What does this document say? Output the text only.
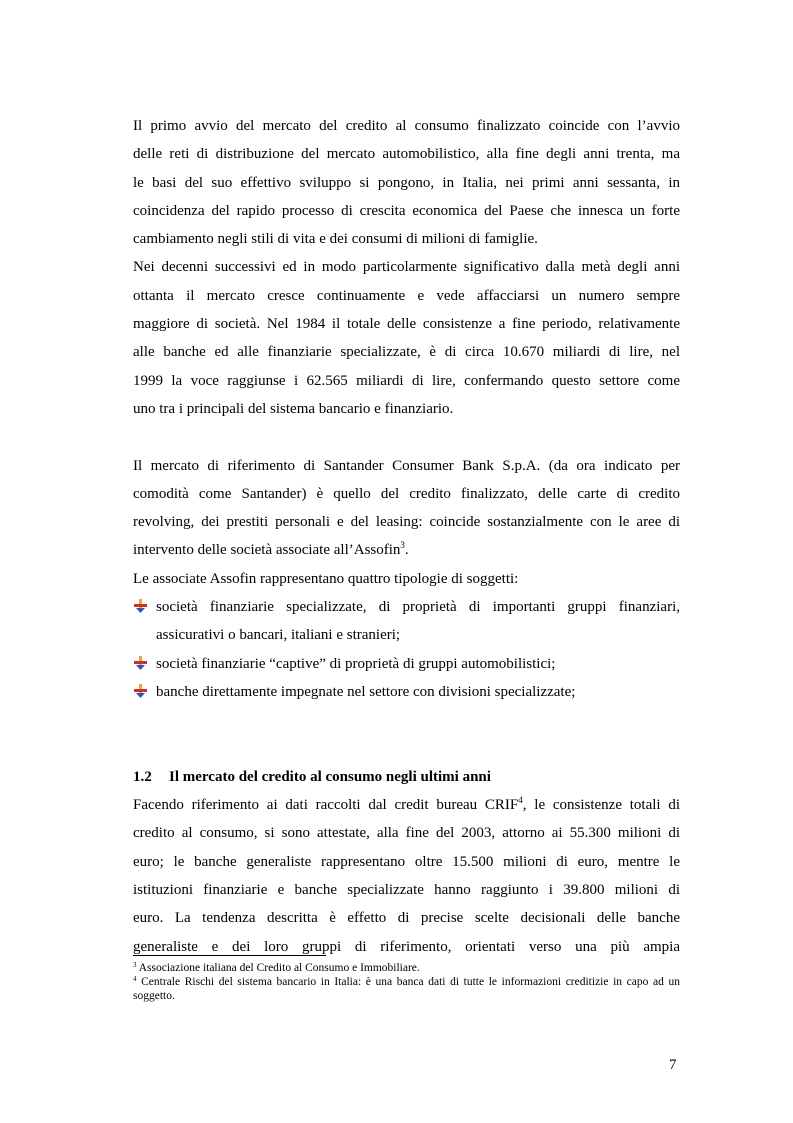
Il primo avvio del mercato del credito al consumo finalizzato coincide con l’avvio
delle reti di distribuzione del mercato automobilistico, alla fine degli anni trenta, ma
le basi del suo effettivo sviluppo si pongono, in Italia, nei primi anni sessanta, in
coincidenza del rapido processo di crescita economica del Paese che innesca un forte
cambiamento negli stili di vita e dei consumi di milioni di famiglie.
Nei decenni successivi ed in modo particolarmente significativo dalla metà degli anni
ottanta il mercato cresce continuamente e vede affacciarsi un numero sempre
maggiore di società. Nel 1984 il totale delle consistenze a fine periodo, relativamente
alle banche ed alle finanziarie specializzate, è di circa 10.670 miliardi di lire, nel
1999 la voce raggiunse i 62.565 miliardi di lire, confermando questo settore come
uno tra i principali del sistema bancario e finanziario.
Il mercato di riferimento di Santander Consumer Bank S.p.A. (da ora indicato per
comodità come Santander) è quello del credito finalizzato, delle carte di credito
revolving, dei prestiti personali e del leasing: coincide sostanzialmente con le aree di
intervento delle società associate all’Assofin$^3$.
Le associate Assofin rappresentano quattro tipologie di soggetti:
società finanziarie specializzate, di proprietà di importanti gruppi finanziari,
assicurativi o bancari, italiani e stranieri;
società finanziarie “captive” di proprietà di gruppi automobilistici;
banche direttamente impegnate nel settore con divisioni specializzate;
1.2 Il mercato del credito al consumo negli ultimi anni
Facendo riferimento ai dati raccolti dal credit bureau CRIF$^4$, le consistenze totali di
credito al consumo, si sono attestate, alla fine del 2003, attorno ai 55.300 milioni di
euro; le banche generaliste rappresentano oltre 15.500 milioni di euro, mentre le
istituzioni finanziarie e banche specializzate hanno raggiunto i 39.800 milioni di
euro. La tendenza descritta è effetto di precise scelte decisionali delle banche
generaliste e dei loro gruppi di riferimento, orientati verso una più ampia

$^3$ Associazione italiana del Credito al Consumo e Immobiliare.

$^4$ Centrale Rischi del sistema bancario in Italia: è una banca dati di tutte le informazioni creditizie in capo ad un soggetto.

7
